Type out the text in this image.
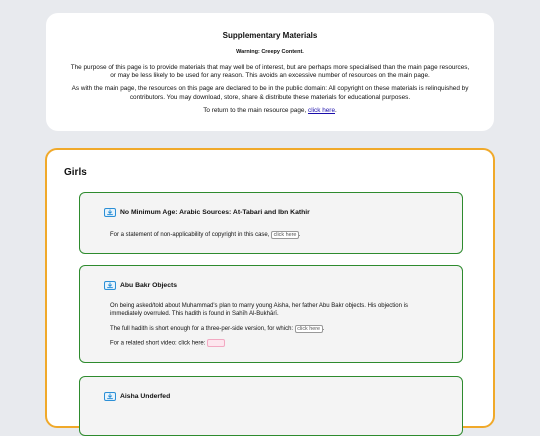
Supplementary Materials

Warning: Creepy Content.

The purpose of this page is to provide materials that may well be of interest, but are perhaps more specialised than the main page resources, or may be less likely to be used for any reason. This avoids an excessive number of resources on the main page.

As with the main page, the resources on this page are declared to be in the public domain: All copyright on these materials is relinquished by contributors. You may download, store, share & distribute these materials for educational purposes.

To return to the main resource page, click here.

Girls
No Minimum Age: Arabic Sources: At-Tabari and Ibn Kathir

For a statement of non-applicability of copyright in this case, click here .

Abu Bakr Objects

On being asked/told about Muhammad's plan to marry young Aisha, her father Abu Bakr objects. His objection is immediately overruled. This hadith is found in Sahīh Al-Bukhārī.

The full hadith is short enough for a three-per-side version, for which: click here .

For a related short video: click here:

Aisha Underfed
